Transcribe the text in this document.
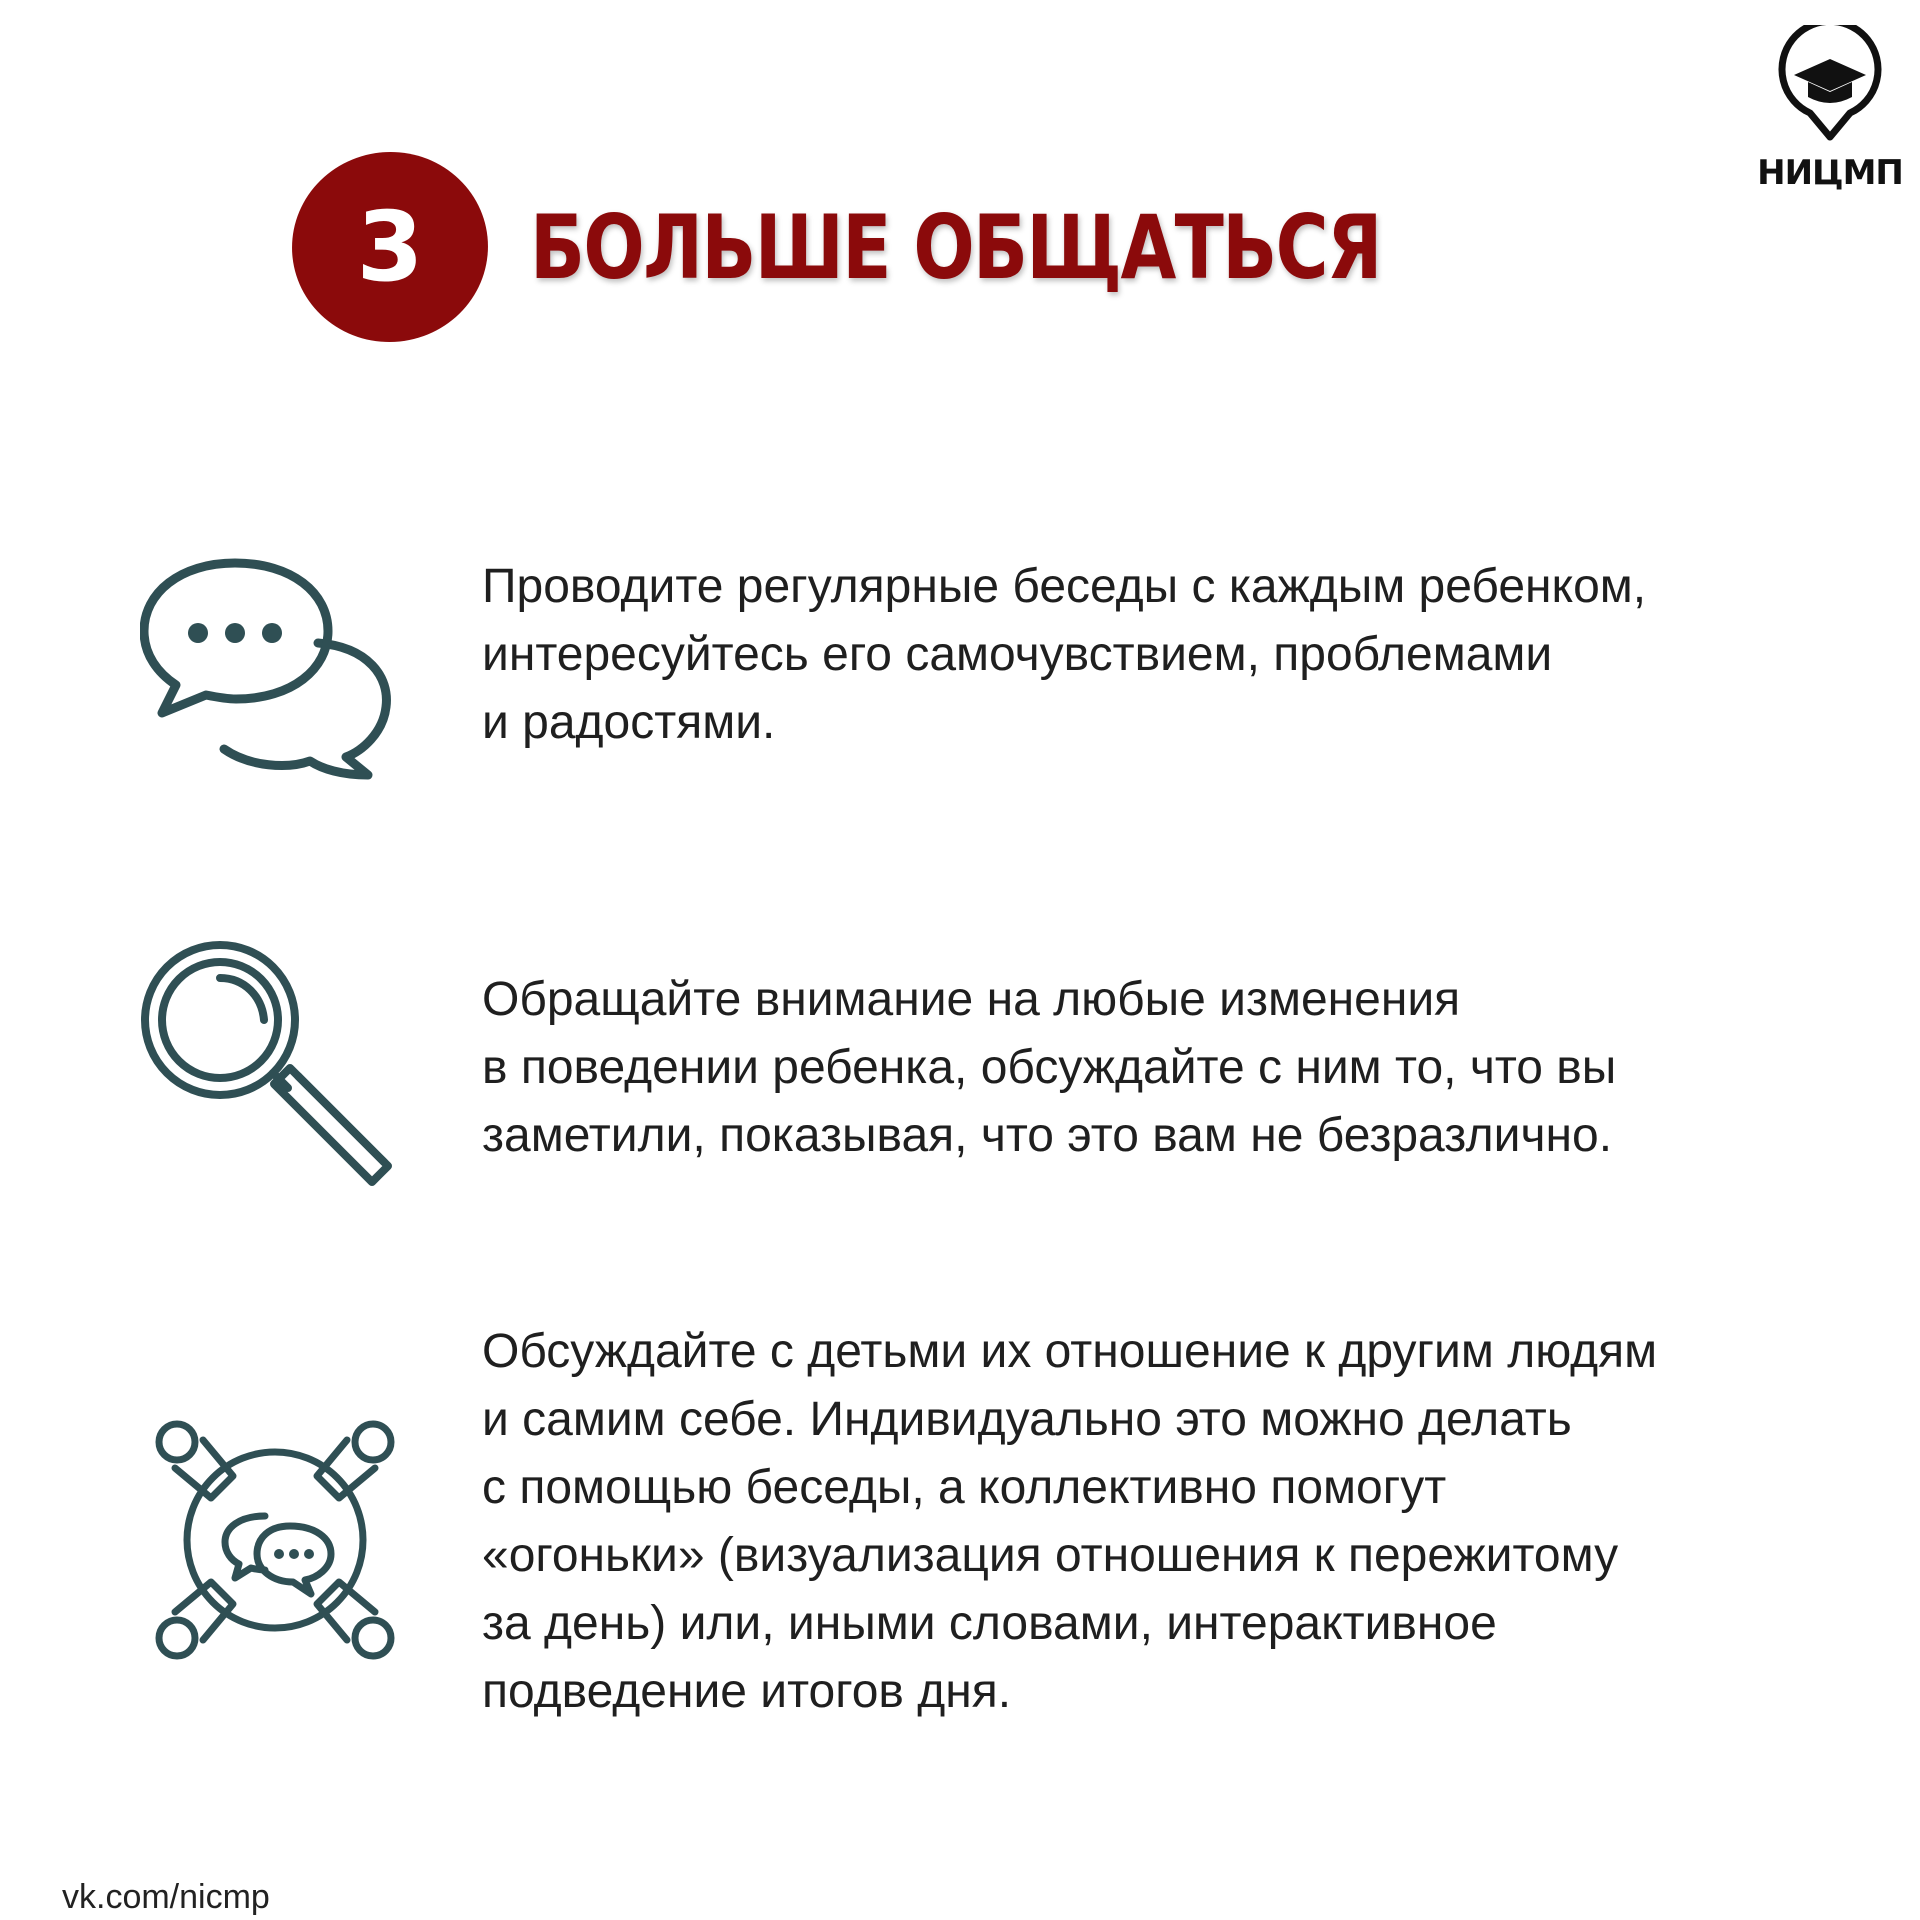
НИЦМП
3	БОЛЬШЕ ОБЩАТЬСЯ
Проводите регулярные беседы с каждым ребенком,
интересуйтесь его самочувствием, проблемами
и радостями.
Обращайте внимание на любые изменения
в поведении ребенка, обсуждайте с ним то, что вы
заметили, показывая, что это вам не безразлично.
Обсуждайте с детьми их отношение к другим людям
и самим себе. Индивидуально это можно делать
с помощью беседы, а коллективно помогут
«огоньки» (визуализация отношения к пережитому
за день) или, иными словами, интерактивное
подведение итогов дня.
vk.com/nicmp
